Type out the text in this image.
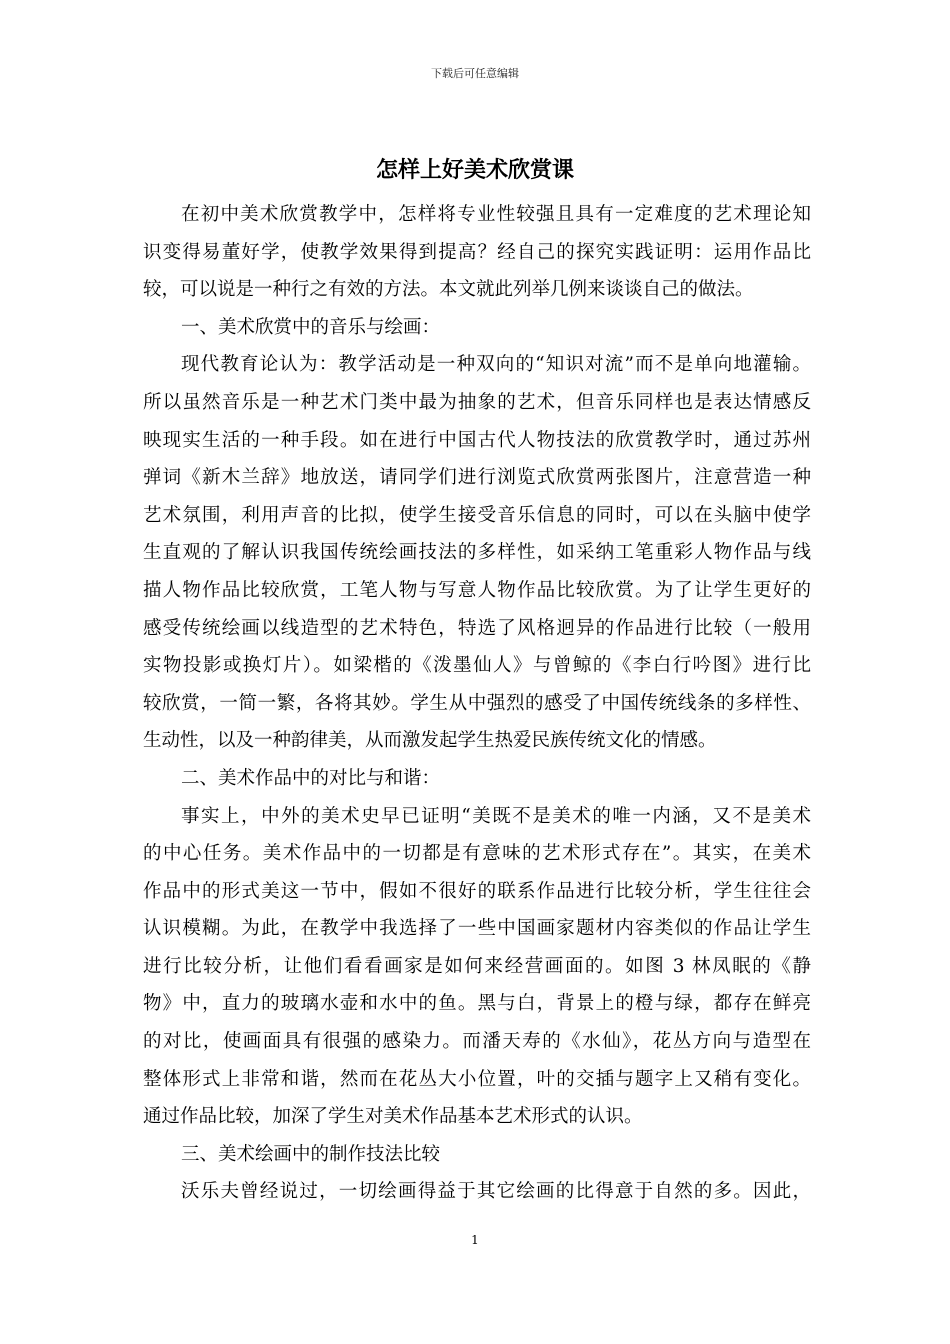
下载后可任意编辑
怎样上好美术欣赏课
在初中美术欣赏教学中，怎样将专业性较强且具有一定难度的艺术理论知
识变得易董好学，使教学效果得到提高？经自己的探究实践证明：运用作品比
较，可以说是一种行之有效的方法。本文就此列举几例来谈谈自己的做法。
一、美术欣赏中的音乐与绘画：
现代教育论认为：教学活动是一种双向的“知识对流”而不是单向地灌输。
所以虽然音乐是一种艺术门类中最为抽象的艺术，但音乐同样也是表达情感反
映现实生活的一种手段。如在进行中国古代人物技法的欣赏教学时，通过苏州
弹词《新木兰辞》地放送，请同学们进行浏览式欣赏两张图片，注意营造一种
艺术氛围，利用声音的比拟，使学生接受音乐信息的同时，可以在头脑中使学
生直观的了解认识我国传统绘画技法的多样性，如采纳工笔重彩人物作品与线
描人物作品比较欣赏，工笔人物与写意人物作品比较欣赏。为了让学生更好的
感受传统绘画以线造型的艺术特色，特选了风格迥异的作品进行比较（一般用
实物投影或换灯片）。如梁楷的《泼墨仙人》与曾鲸的《李白行吟图》进行比
较欣赏，一简一繁，各将其妙。学生从中强烈的感受了中国传统线条的多样性、
生动性，以及一种韵律美，从而激发起学生热爱民族传统文化的情感。
二、美术作品中的对比与和谐：
事实上，中外的美术史早已证明“美既不是美术的唯一内涵，又不是美术
的中心任务。美术作品中的一切都是有意味的艺术形式存在”。其实，在美术
作品中的形式美这一节中，假如不很好的联系作品进行比较分析，学生往往会
认识模糊。为此，在教学中我选择了一些中国画家题材内容类似的作品让学生
进行比较分析，让他们看看画家是如何来经营画面的。如图 3 林凤眠的《静
物》中，直力的玻璃水壶和水中的鱼。黑与白，背景上的橙与绿，都存在鲜亮
的对比，使画面具有很强的感染力。而潘天寿的《水仙》，花丛方向与造型在
整体形式上非常和谐，然而在花丛大小位置，叶的交插与题字上又稍有变化。
通过作品比较，加深了学生对美术作品基本艺术形式的认识。
三、美术绘画中的制作技法比较
沃乐夫曾经说过，一切绘画得益于其它绘画的比得意于自然的多。因此，
1
